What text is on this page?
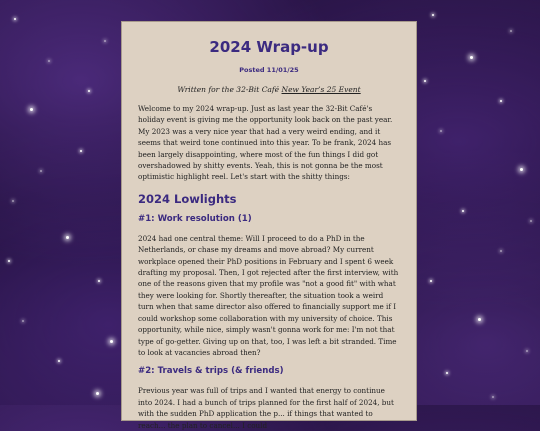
2024 Wrap-up
Posted 11/01/25
Written for the 32-Bit Café New Year’s 25 Event

Welcome to my 2024 wrap-up. Just as last year the 32-Bit Café's holiday event is giving me the opportunity look back on the past year. My 2023 was a very nice year that had a very weird ending, and it seems that weird tone continued into this year. To be frank, 2024 has been largely disappointing, where most of the fun things I did got overshadowed by shitty events. Yeah, this is not gonna be the most optimistic highlight reel. Let's start with the shitty things:

2024 Lowlights
#1: Work resolution (1)

2024 had one central theme: Will I proceed to do a PhD in the Netherlands, or chase my dreams and move abroad? My current workplace opened their PhD positions in February and I spent 6 week drafting my proposal. Then, I got rejected after the first interview, with one of the reasons given that my profile was "not a good fit" with what they were looking for. Shortly thereafter, the situation took a weird turn when that same director also offered to financially support me if I could workshop some collaboration with my university of choice. This opportunity, while nice, simply wasn't gonna work for me: I'm not that type of go-getter. Giving up on that, too, I was left a bit stranded. Time to look at vacancies abroad then?

#2: Travels & trips (& friends)

Previous year was full of trips and I wanted that energy to continue into 2024. I had a bunch of trips planned for the first half of 2024, but with the sudden PhD application the p... if things that wanted to reach... the plan to cancel... I could
